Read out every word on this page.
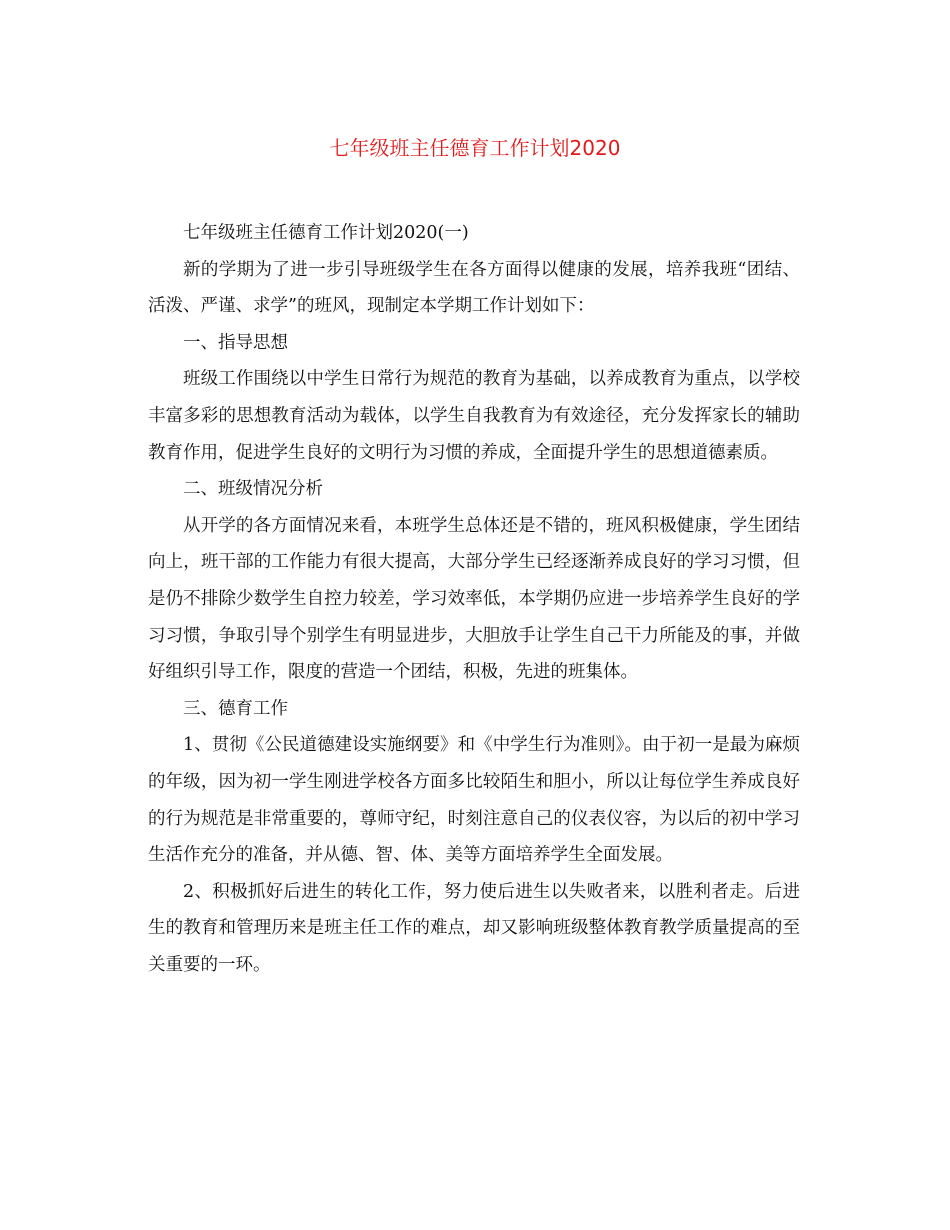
七年级班主任德育工作计划2020

七年级班主任德育工作计划2020(一)

新的学期为了进一步引导班级学生在各方面得以健康的发展，培养我班“团结、活泼、严谨、求学”的班风，现制定本学期工作计划如下：

一、指导思想

班级工作围绕以中学生日常行为规范的教育为基础，以养成教育为重点，以学校丰富多彩的思想教育活动为载体，以学生自我教育为有效途径，充分发挥家长的辅助教育作用，促进学生良好的文明行为习惯的养成，全面提升学生的思想道德素质。

二、班级情况分析

从开学的各方面情况来看，本班学生总体还是不错的，班风积极健康，学生团结向上，班干部的工作能力有很大提高，大部分学生已经逐渐养成良好的学习习惯，但是仍不排除少数学生自控力较差，学习效率低，本学期仍应进一步培养学生良好的学习习惯，争取引导个别学生有明显进步，大胆放手让学生自己干力所能及的事，并做好组织引导工作，限度的营造一个团结，积极，先进的班集体。

三、德育工作

1、贯彻《公民道德建设实施纲要》和《中学生行为准则》。由于初一是最为麻烦的年级，因为初一学生刚进学校各方面多比较陌生和胆小，所以让每位学生养成良好的行为规范是非常重要的，尊师守纪，时刻注意自己的仪表仪容，为以后的初中学习生活作充分的准备，并从德、智、体、美等方面培养学生全面发展。

2、积极抓好后进生的转化工作，努力使后进生以失败者来，以胜利者走。后进生的教育和管理历来是班主任工作的难点，却又影响班级整体教育教学质量提高的至关重要的一环。
